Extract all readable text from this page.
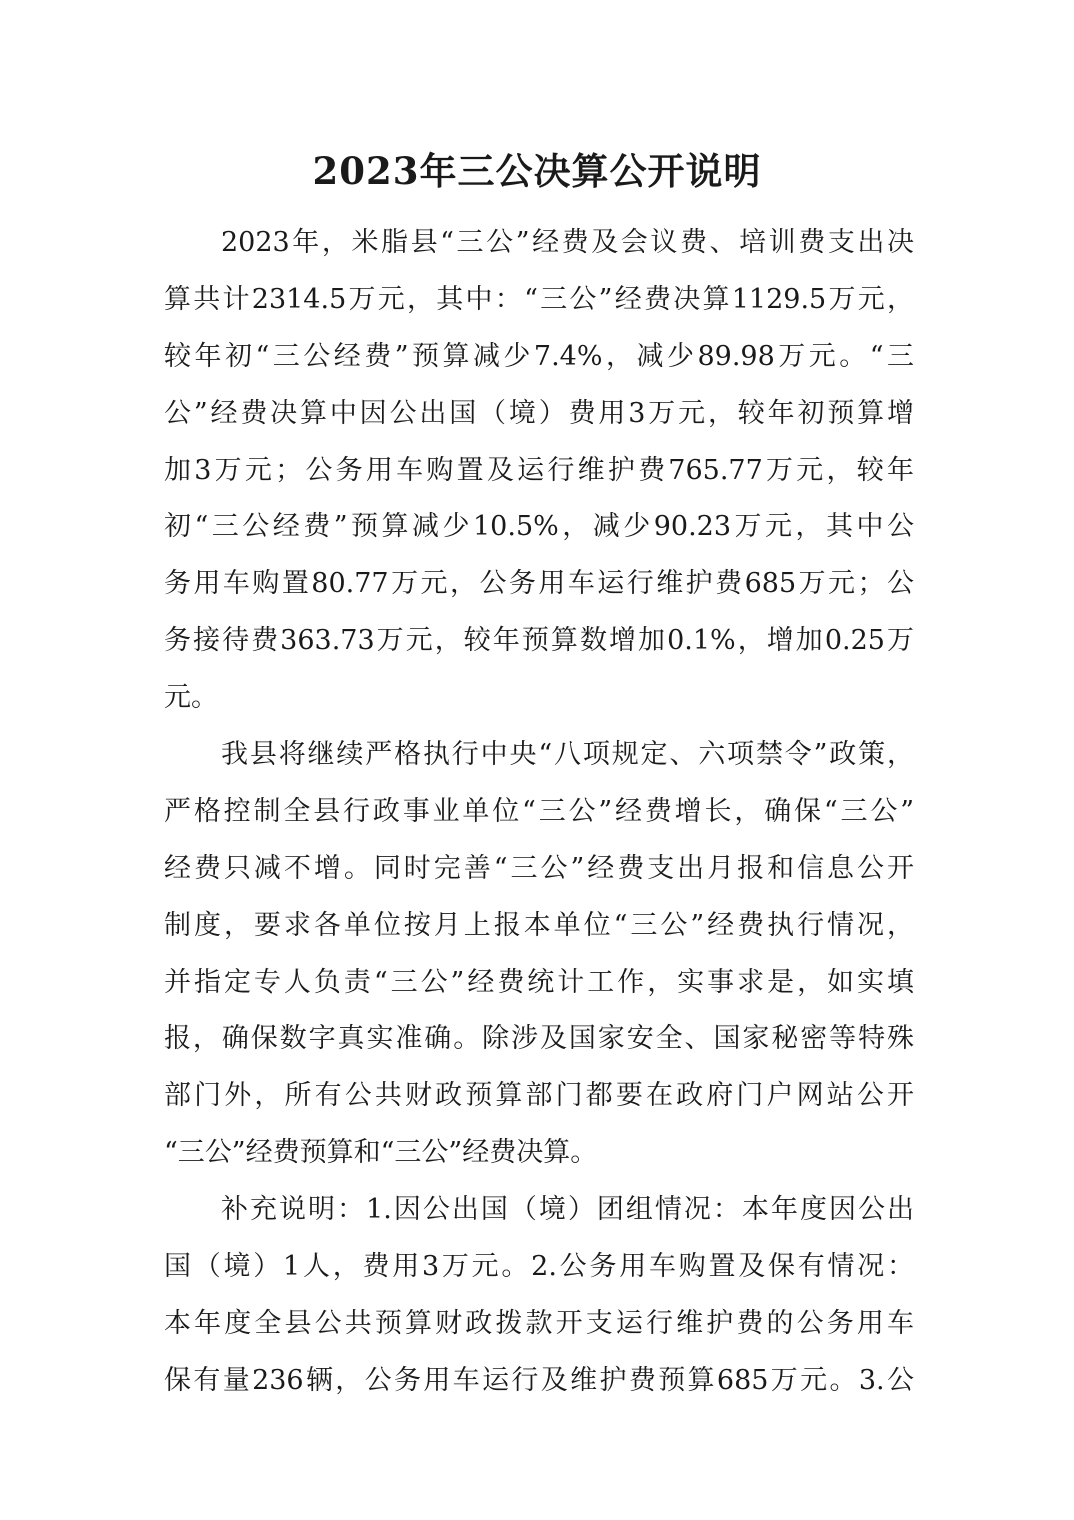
2023年三公决算公开说明
2023年，米脂县“三公”经费及会议费、培训费支出决
算共计2314.5万元，其中：“三公”经费决算1129.5万元，
较年初“三公经费”预算减少7.4%，减少89.98万元。“三
公”经费决算中因公出国（境）费用3万元，较年初预算增
加3万元；公务用车购置及运行维护费765.77万元，较年
初“三公经费”预算减少10.5%，减少90.23万元，其中公
务用车购置80.77万元，公务用车运行维护费685万元；公
务接待费363.73万元，较年预算数增加0.1%，增加0.25万
元。
我县将继续严格执行中央“八项规定、六项禁令”政策，
严格控制全县行政事业单位“三公”经费增长，确保“三公”
经费只减不增。同时完善“三公”经费支出月报和信息公开
制度，要求各单位按月上报本单位“三公”经费执行情况，
并指定专人负责“三公”经费统计工作，实事求是，如实填
报，确保数字真实准确。除涉及国家安全、国家秘密等特殊
部门外，所有公共财政预算部门都要在政府门户网站公开
“三公”经费预算和“三公”经费决算。
补充说明：1.因公出国（境）团组情况：本年度因公出
国（境）1人，费用3万元。2.公务用车购置及保有情况：
本年度全县公共预算财政拨款开支运行维护费的公务用车
保有量236辆，公务用车运行及维护费预算685万元。3.公
